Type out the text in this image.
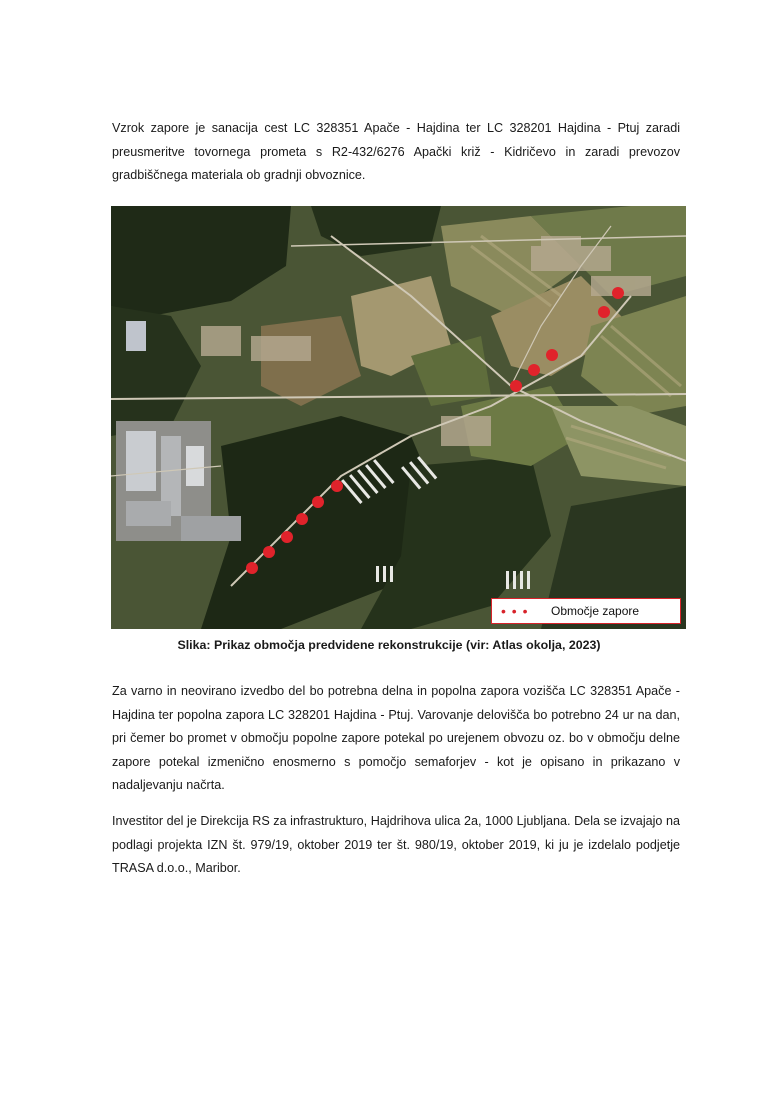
Vzrok zapore je sanacija cest LC 328351 Apače - Hajdina ter LC 328201 Hajdina - Ptuj zaradi preusmeritve tovornega prometa s R2-432/6276 Apački križ - Kidričevo in zaradi prevozov gradbiščnega materiala ob gradnji obvoznice.

• • •	Območje zapore
Slika: Prikaz območja predvidene rekonstrukcije (vir: Atlas okolja, 2023)

Za varno in neovirano izvedbo del bo potrebna delna in popolna zapora vozišča LC 328351 Apače - Hajdina ter popolna zapora LC 328201 Hajdina - Ptuj. Varovanje delovišča bo potrebno 24 ur na dan, pri čemer bo promet v območju popolne zapore potekal po urejenem obvozu oz. bo v območju delne zapore potekal izmenično enosmerno s pomočjo semaforjev - kot je opisano in prikazano v nadaljevanju načrta.

Investitor del je Direkcija RS za infrastrukturo, Hajdrihova ulica 2a, 1000 Ljubljana. Dela se izvajajo na podlagi projekta IZN št. 979/19, oktober 2019 ter št. 980/19, oktober 2019, ki ju je izdelalo podjetje TRASA d.o.o., Maribor.
